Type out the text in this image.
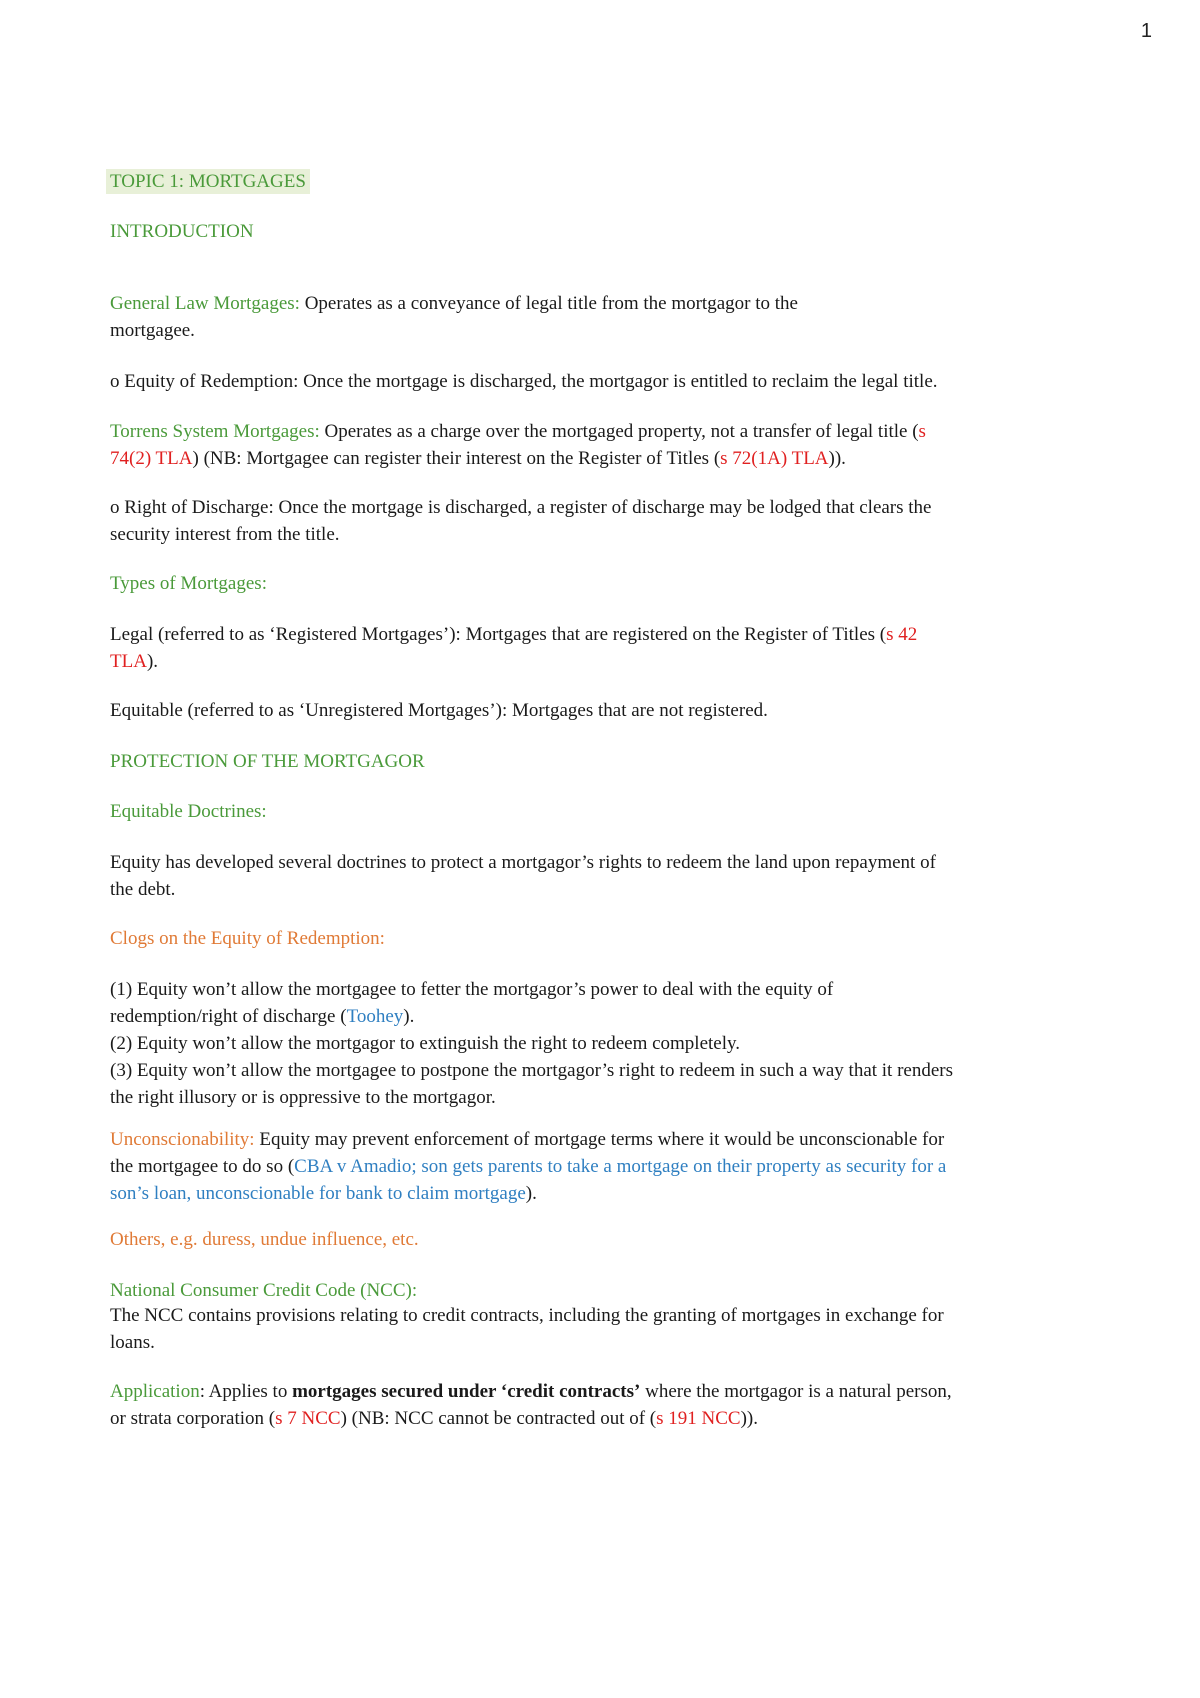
1

TOPIC 1: MORTGAGES

INTRODUCTION

General Law Mortgages: Operates as a conveyance of legal title from the mortgagor to the
mortgagee.

o Equity of Redemption: Once the mortgage is discharged, the mortgagor is entitled to reclaim the legal title.

Torrens System Mortgages: Operates as a charge over the mortgaged property, not a transfer of legal title (s
74(2) TLA) (NB: Mortgagee can register their interest on the Register of Titles (s 72(1A) TLA)).

o Right of Discharge: Once the mortgage is discharged, a register of discharge may be lodged that clears the
security interest from the title.

Types of Mortgages:

Legal (referred to as ‘Registered Mortgages’): Mortgages that are registered on the Register of Titles (s 42
TLA).

Equitable (referred to as ‘Unregistered Mortgages’): Mortgages that are not registered.

PROTECTION OF THE MORTGAGOR

Equitable Doctrines:

Equity has developed several doctrines to protect a mortgagor’s rights to redeem the land upon repayment of
the debt.

Clogs on the Equity of Redemption:

(1) Equity won’t allow the mortgagee to fetter the mortgagor’s power to deal with the equity of
redemption/right of discharge (Toohey).
(2) Equity won’t allow the mortgagor to extinguish the right to redeem completely.
(3) Equity won’t allow the mortgagee to postpone the mortgagor’s right to redeem in such a way that it renders
the right illusory or is oppressive to the mortgagor.

Unconscionability: Equity may prevent enforcement of mortgage terms where it would be unconscionable for
the mortgagee to do so (CBA v Amadio; son gets parents to take a mortgage on their property as security for a
son’s loan, unconscionable for bank to claim mortgage).

Others, e.g. duress, undue influence, etc.

National Consumer Credit Code (NCC):

The NCC contains provisions relating to credit contracts, including the granting of mortgages in exchange for
loans.

Application: Applies to mortgages secured under ‘credit contracts’ where the mortgagor is a natural person,
or strata corporation (s 7 NCC) (NB: NCC cannot be contracted out of (s 191 NCC)).
